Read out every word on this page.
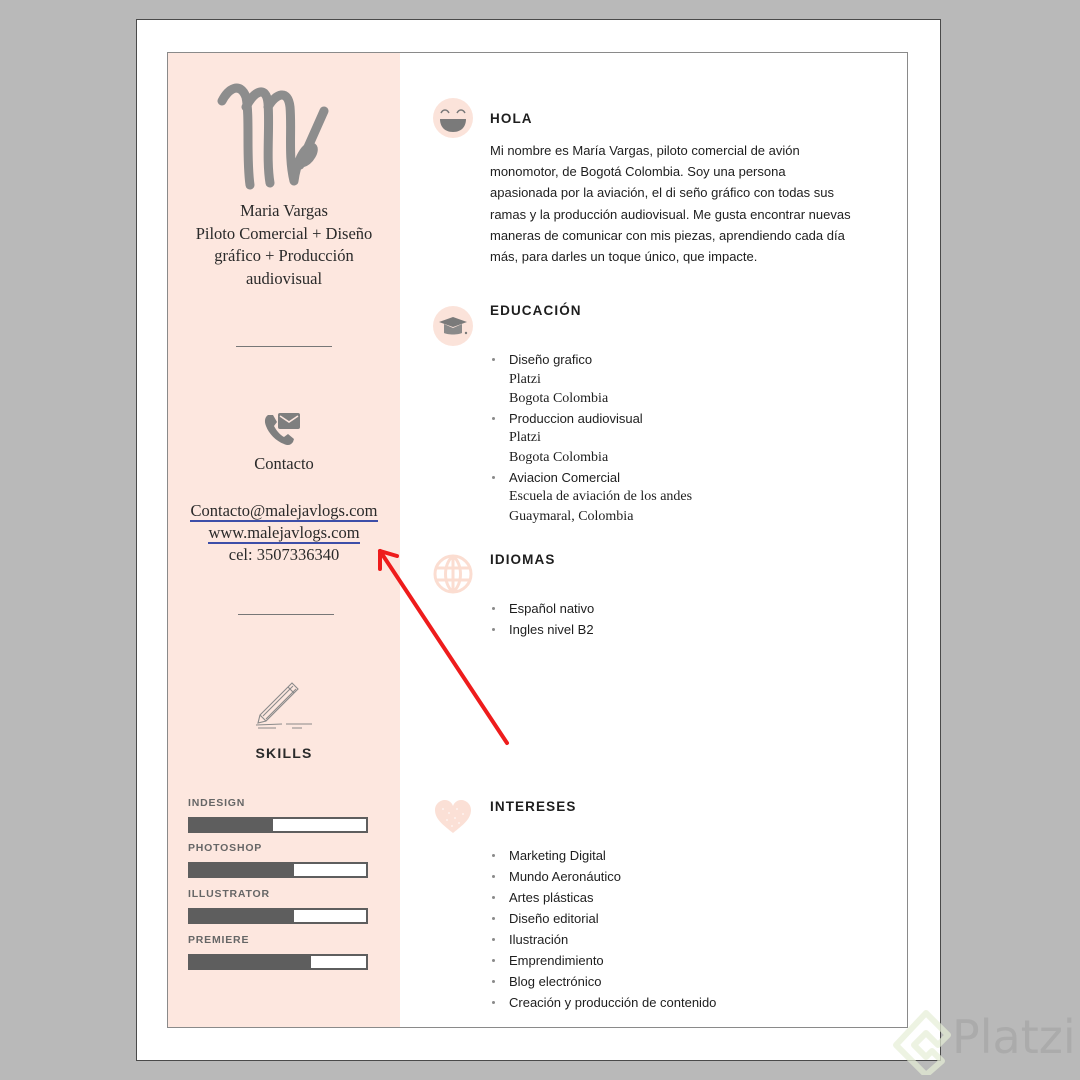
Maria Vargas
Piloto Comercial + Diseño
gráfico + Producción
audiovisual
Contacto
Contacto@malejavlogs.com
www.malejavlogs.com
cel: 3507336340
SKILLS
INDESIGN
PHOTOSHOP
ILLUSTRATOR
PREMIERE
HOLA
Mi nombre es María Vargas, piloto comercial de avión
monomotor, de Bogotá Colombia. Soy una persona
apasionada por la aviación, el di seño gráfico con todas sus
ramas y la producción audiovisual. Me gusta encontrar nuevas
maneras de comunicar con mis piezas, aprendiendo cada día
más, para darles un toque único, que impacte.
EDUCACIÓN
Diseño grafico
Platzi
Bogota Colombia
Produccion audiovisual
Platzi
Bogota Colombia
Aviacion Comercial
Escuela de aviación de los andes
Guaymaral, Colombia
IDIOMAS
Español nativo
Ingles nivel B2
INTERESES
Marketing Digital
Mundo Aeronáutico
Artes plásticas
Diseño editorial
Ilustración
Emprendimiento
Blog electrónico
Creación y producción de contenido
Platzi
